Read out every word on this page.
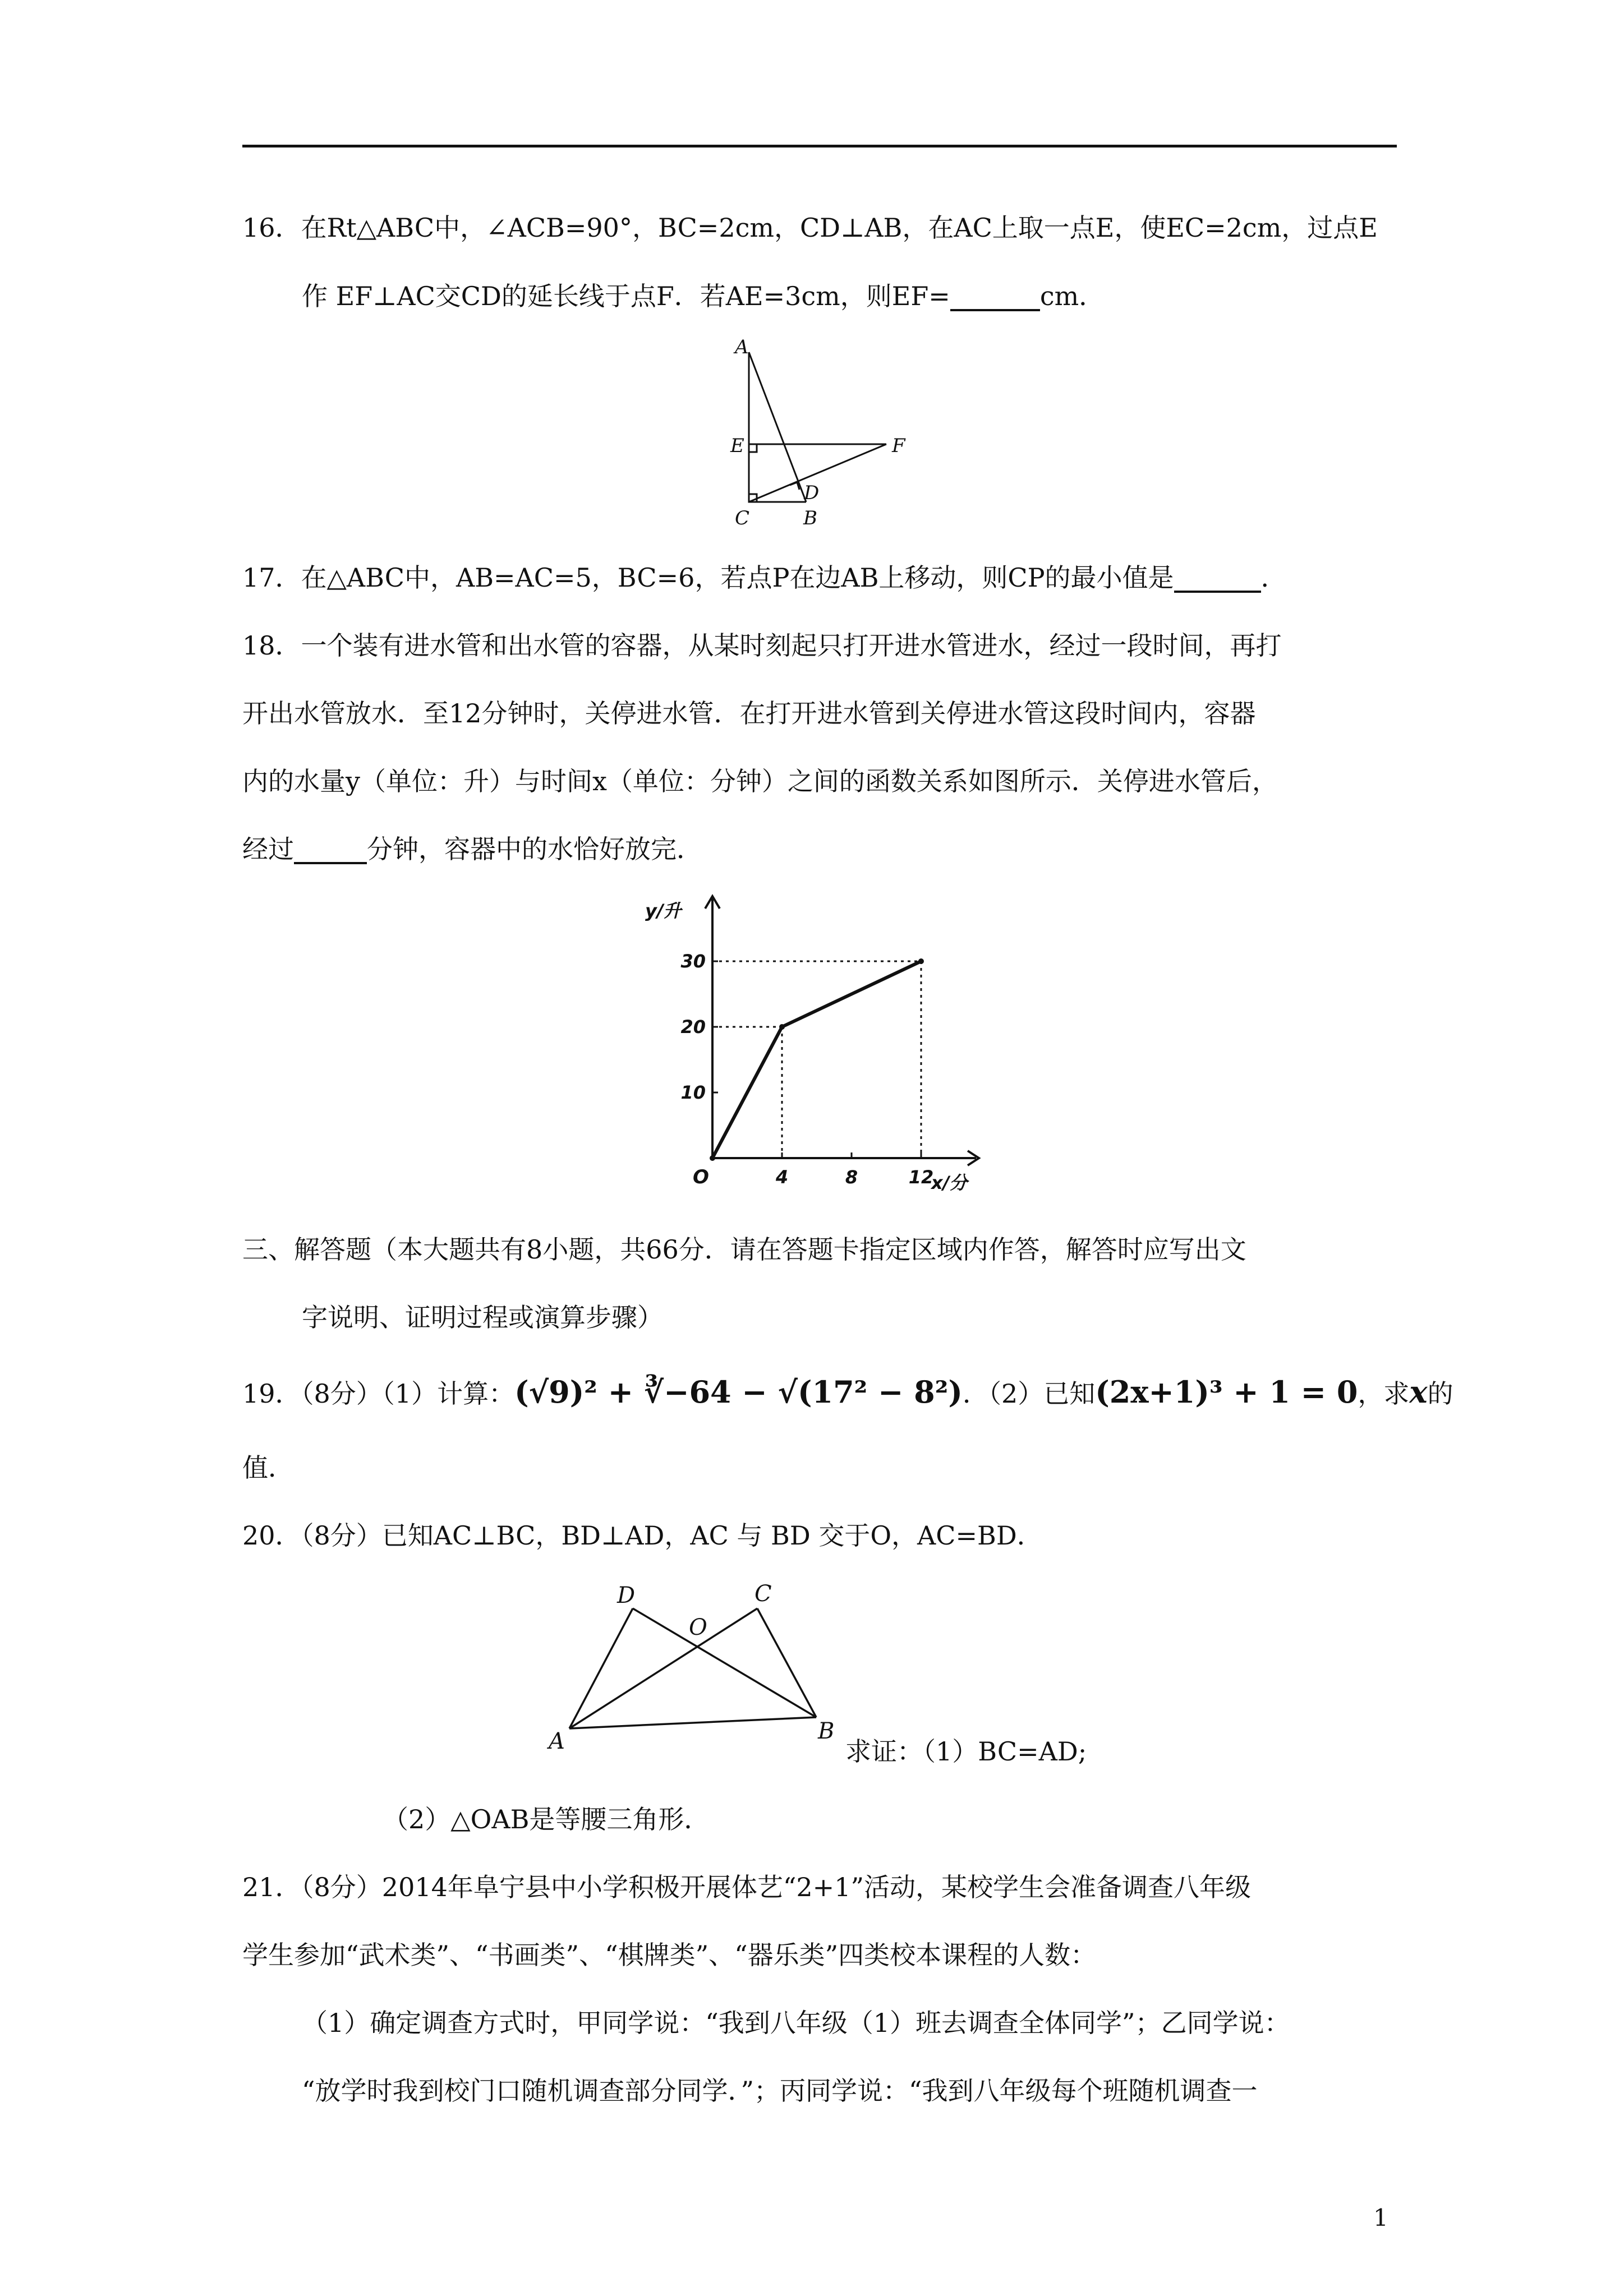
16．在Rt△ABC中，∠ACB=90°，BC=2cm，CD⊥AB，在AC上取一点E，使EC=2cm，过点E
作 EF⊥AC交CD的延长线于点F．若AE=3cm，则EF=	cm．
A
E	F
D
C	B
17．在△ABC中，AB=AC=5，BC=6，若点P在边AB上移动，则CP的最小值是	．
18．一个装有进水管和出水管的容器，从某时刻起只打开进水管进水，经过一段时间，再打
开出水管放水．至12分钟时，关停进水管．在打开进水管到关停进水管这段时间内，容器
内的水量y（单位：升）与时间x（单位：分钟）之间的函数关系如图所示．关停进水管后，
经过	分钟，容器中的水恰好放完．
4	8	12
10
20
30
y/升
x/分
O
三、解答题（本大题共有8小题，共66分．请在答题卡指定区域内作答，解答时应写出文
字说明、证明过程或演算步骤）
19．（8分）（1）计算：(√9)² + ∛−64 − √(17² − 8²)．（2）已知(2x+1)³ + 1 = 0，求x的
值．
20．（8分）已知AC⊥BC，BD⊥AD，AC 与 BD 交于O，AC=BD．
D
O
C
A	B
求证：（1）BC=AD;
（2）△OAB是等腰三角形．
21．（8分）2014年阜宁县中小学积极开展体艺“2+1”活动，某校学生会准备调查八年级
学生参加“武术类”、“书画类”、“棋牌类”、“器乐类”四类校本课程的人数：
（1）确定调查方式时，甲同学说：“我到八年级（1）班去调查全体同学”；乙同学说：
“放学时我到校门口随机调查部分同学．”；丙同学说：“我到八年级每个班随机调查一
1
